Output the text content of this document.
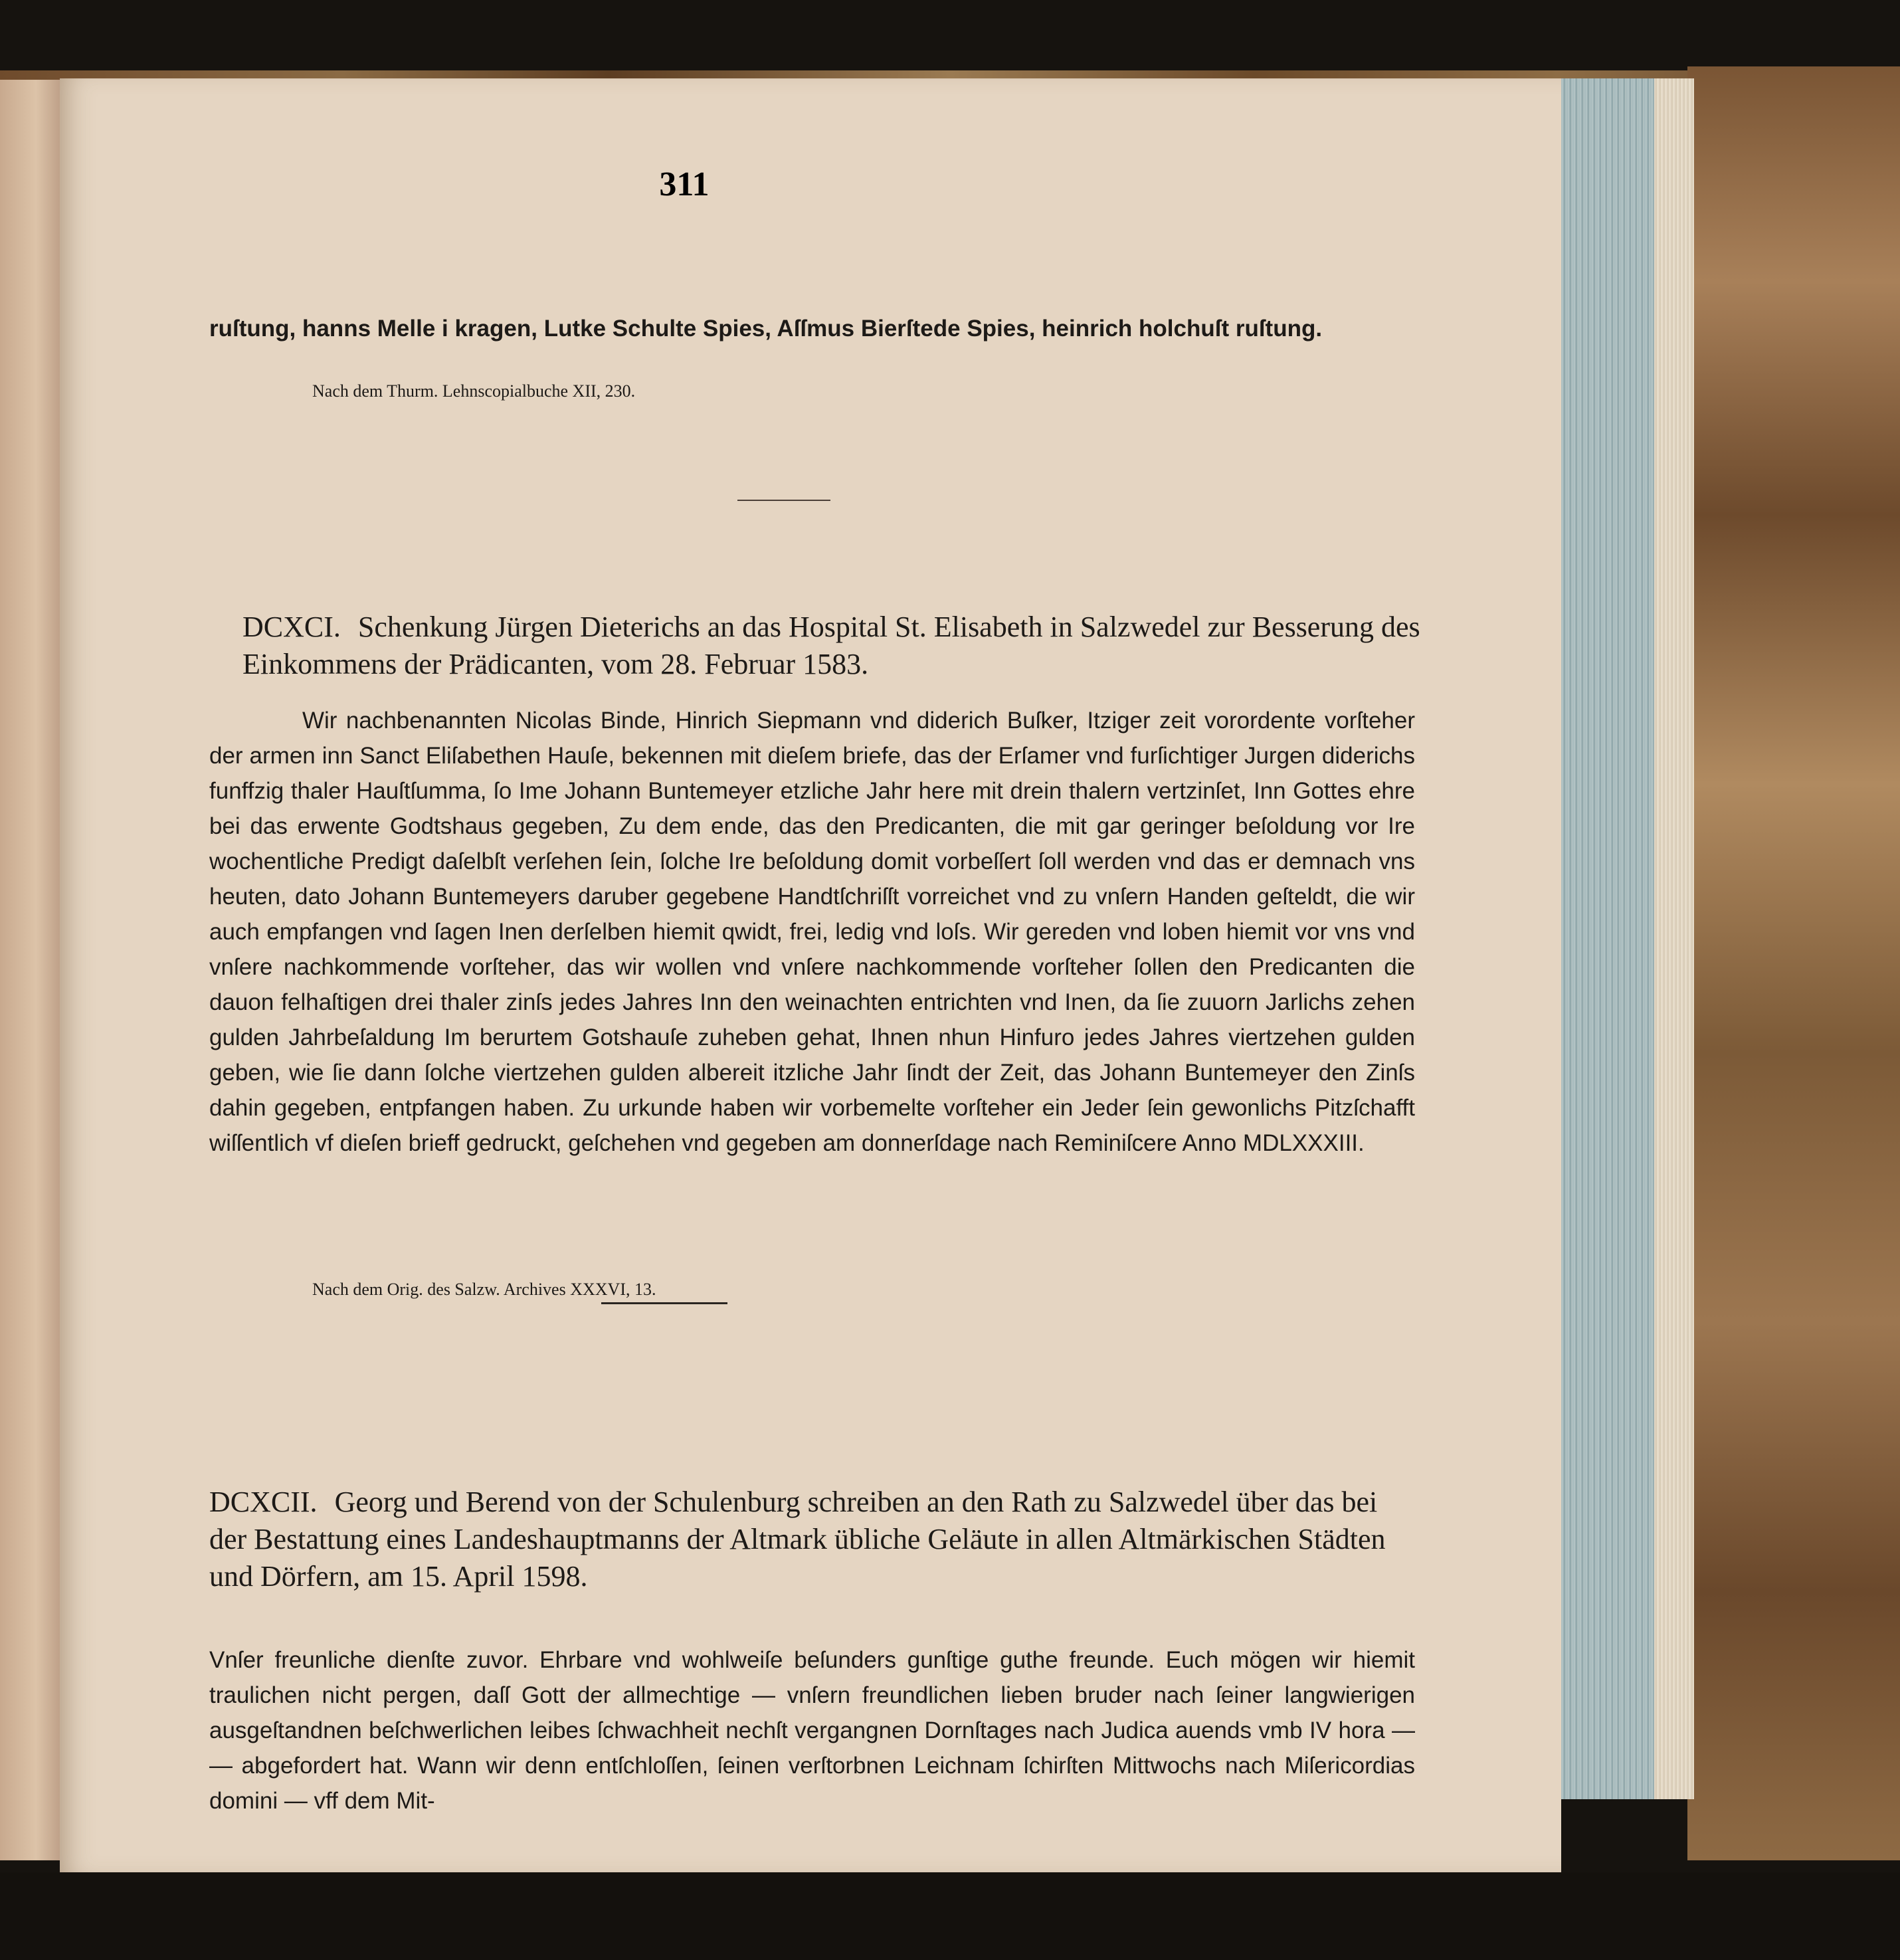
311
ruſtung, hanns Melle i kragen, Lutke Schulte Spies, Aſſmus Bierſtede Spies, heinrich holchuſt ruſtung.
Nach dem Thurm. Lehnscopialbuche XII, 230.
DCXCI. Schenkung Jürgen Dieterichs an das Hospital St. Elisabeth in Salzwedel zur Besserung des Einkommens der Prädicanten, vom 28. Februar 1583.
Wir nachbenannten Nicolas Binde, Hinrich Siepmann vnd diderich Buſker, Itziger zeit vorordente vorſteher der armen inn Sanct Eliſabethen Hauſe, bekennen mit dieſem briefe, das der Erſamer vnd furſichtiger Jurgen diderichs funffzig thaler Hauſtſumma, ſo Ime Johann Buntemeyer etzliche Jahr here mit drein thalern vertzinſet, Inn Gottes ehre bei das erwente Godtshaus gegeben, Zu dem ende, das den Predicanten, die mit gar geringer beſoldung vor Ire wochentliche Predigt daſelbſt verſehen ſein, ſolche Ire beſoldung domit vorbeſſert ſoll werden vnd das er demnach vns heuten, dato Johann Buntemeyers daruber gegebene Handtſchriſſt vorreichet vnd zu vnſern Handen geſteldt, die wir auch empfangen vnd ſagen Inen derſelben hiemit qwidt, frei, ledig vnd loſs. Wir gereden vnd loben hiemit vor vns vnd vnſere nachkommende vorſteher, das wir wollen vnd vnſere nachkommende vorſteher ſollen den Predicanten die dauon felhaſtigen drei thaler zinſs jedes Jahres Inn den weinachten entrichten vnd Inen, da ſie zuuorn Jarlichs zehen gulden Jahrbeſaldung Im berurtem Gotshauſe zuheben gehat, Ihnen nhun Hinfuro jedes Jahres viertzehen gulden geben, wie ſie dann ſolche viertzehen gulden albereit itzliche Jahr ſindt der Zeit, das Johann Buntemeyer den Zinſs dahin gegeben, entpfangen haben. Zu urkunde haben wir vorbemelte vorſteher ein Jeder ſein gewonlichs Pitzſchafft wiſſentlich vf dieſen brieff gedruckt, geſchehen vnd gegeben am donnerſdage nach Reminiſcere Anno MDLXXXIII.
Nach dem Orig. des Salzw. Archives XXXVI, 13.
DCXCII. Georg und Berend von der Schulenburg schreiben an den Rath zu Salzwedel über das bei der Bestattung eines Landeshauptmanns der Altmark übliche Geläute in allen Altmärkischen Städten und Dörfern, am 15. April 1598.
Vnſer freunliche dienſte zuvor. Ehrbare vnd wohlweiſe beſunders gunſtige guthe freunde. Euch mögen wir hiemit traulichen nicht pergen, daſſ Gott der allmechtige — vnſern freundlichen lieben bruder nach ſeiner langwierigen ausgeſtandnen beſchwerlichen leibes ſchwachheit nechſt vergangnen Dornſtages nach Judica auends vmb IV hora — — abgefordert hat. Wann wir denn entſchloſſen, ſeinen verſtorbnen Leichnam ſchirſten Mittwochs nach Miſericordias domini — vff dem Mit-
